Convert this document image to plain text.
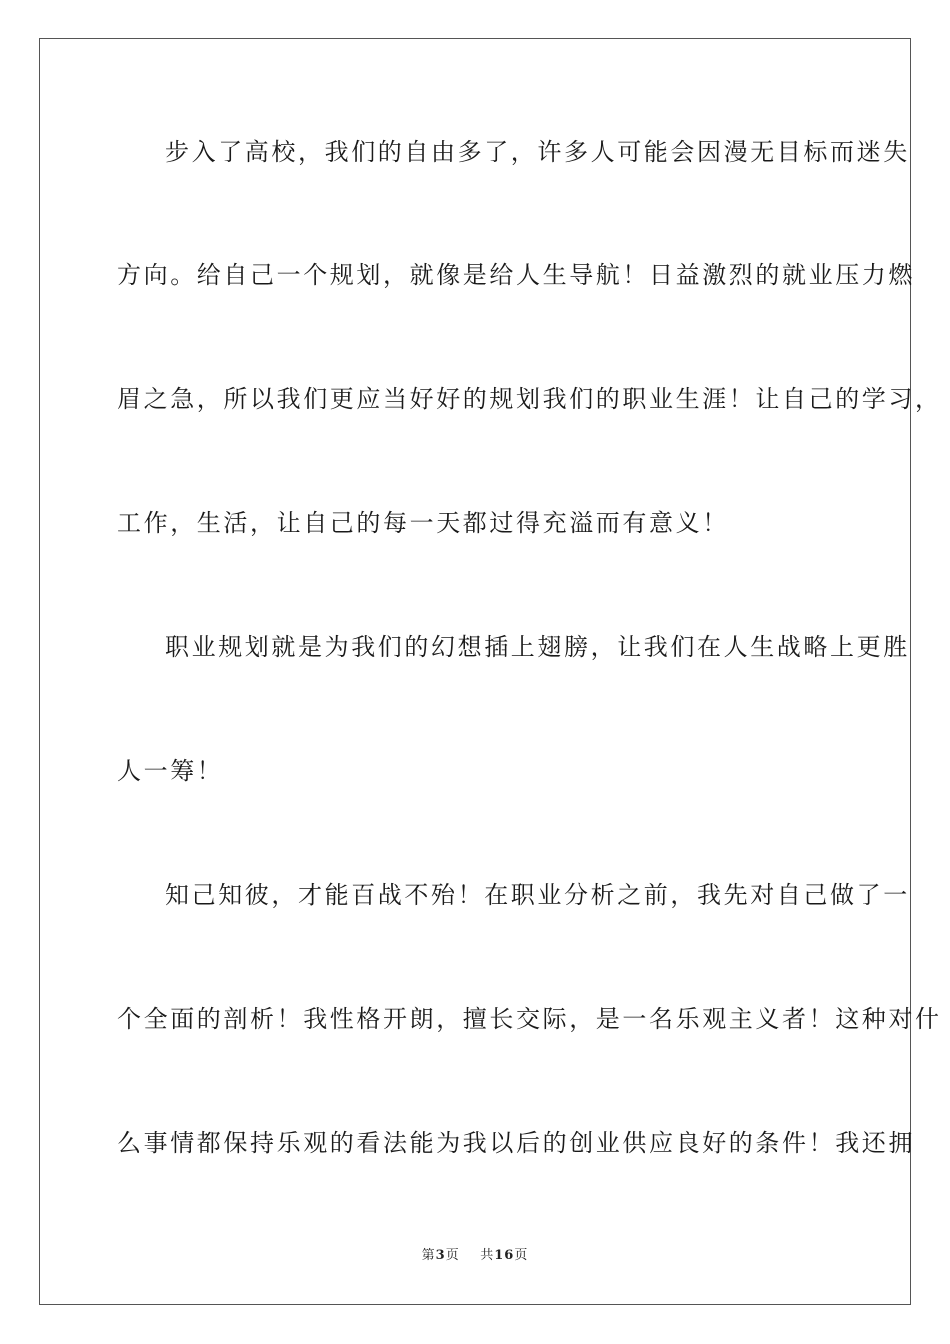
步入了高校，我们的自由多了，许多人可能会因漫无目标而迷失
方向。给自己一个规划，就像是给人生导航！日益激烈的就业压力燃
眉之急，所以我们更应当好好的规划我们的职业生涯！让自己的学习，
工作，生活，让自己的每一天都过得充溢而有意义！
职业规划就是为我们的幻想插上翅膀，让我们在人生战略上更胜
人一筹！
知己知彼，才能百战不殆！在职业分析之前，我先对自己做了一
个全面的剖析！我性格开朗，擅长交际，是一名乐观主义者！这种对什
么事情都保持乐观的看法能为我以后的创业供应良好的条件！我还拥
第3页 共16页
